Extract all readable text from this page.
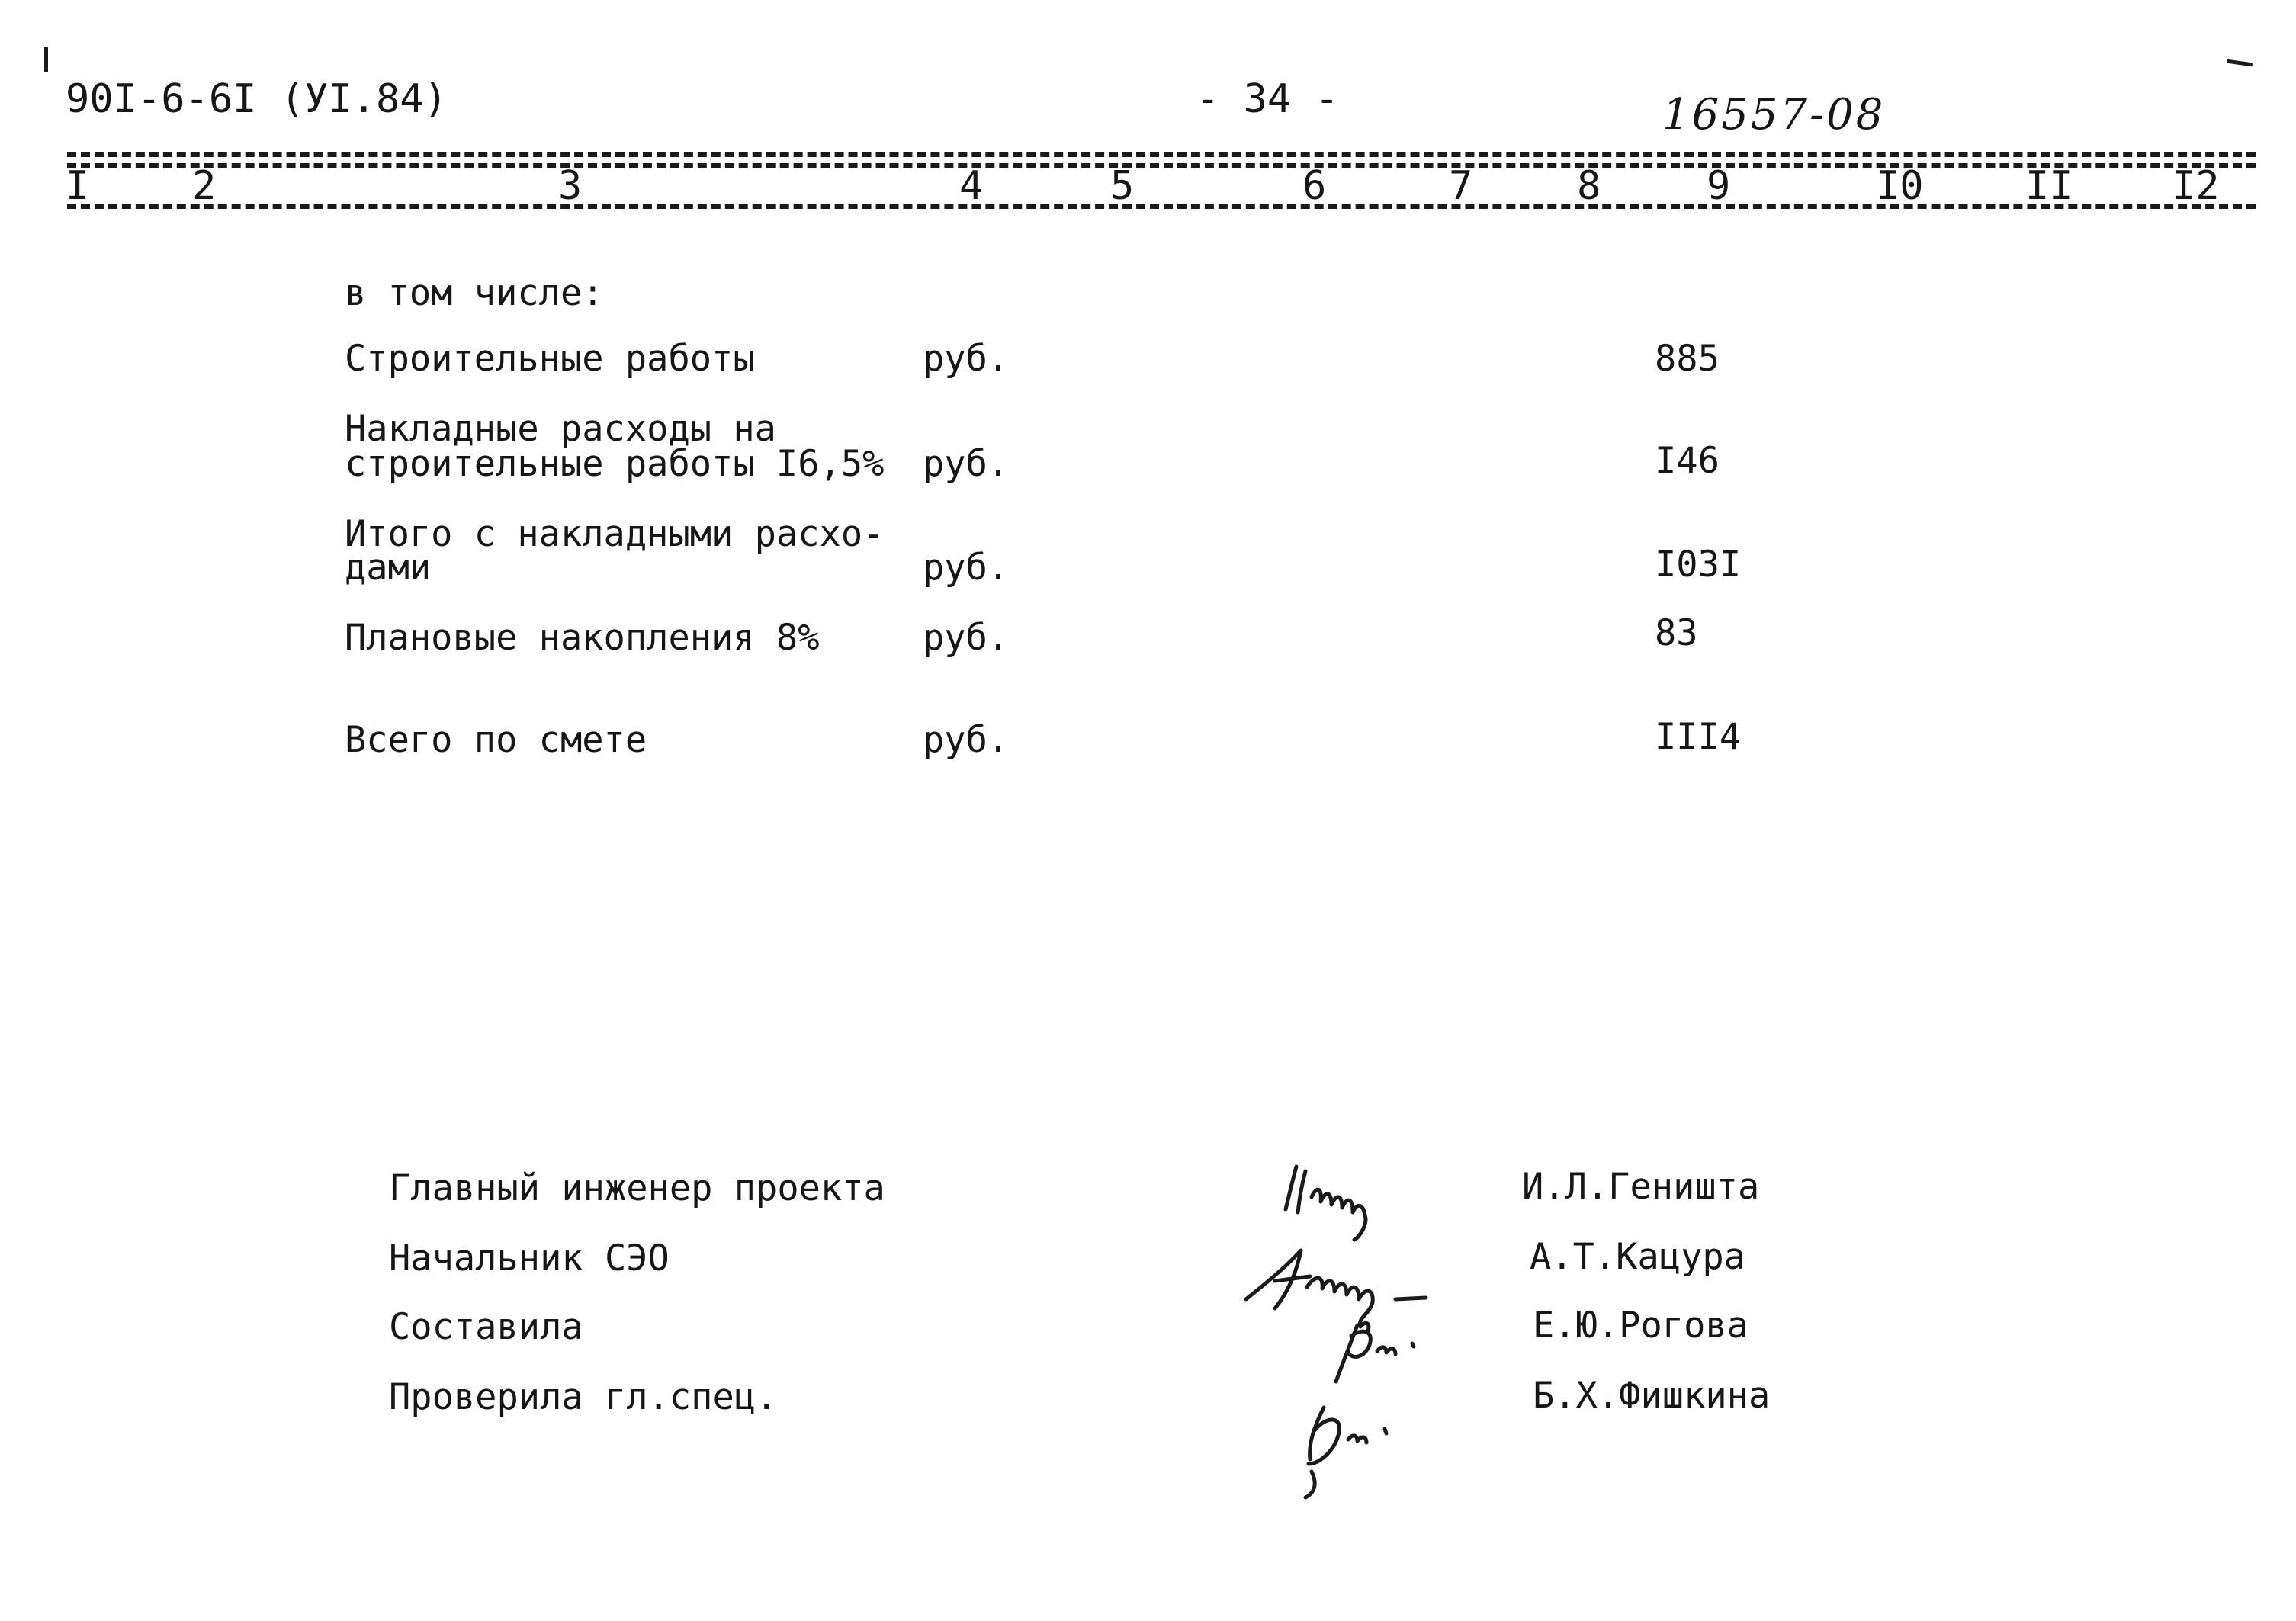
90I-6-6I (УI.84)	- 34 -	16557-08
I	2	3	4	5	6	7	8	9	I0	II I2
в том числе:
Строительные работы	руб.	885
Накладные расходы на
строительные работы I6,5% руб.	I46
Итого с накладными расхо-
дами	руб.	I03I
Плановые накопления 8%	руб.	83
Всего по смете	руб.	III4
Главный инженер проекта
Начальник СЭО
Составила
Проверила гл.спец.
И.Л.Геништа
А.Т.Кацура
Е.Ю.Рогова
Б.Х.Фишкина
